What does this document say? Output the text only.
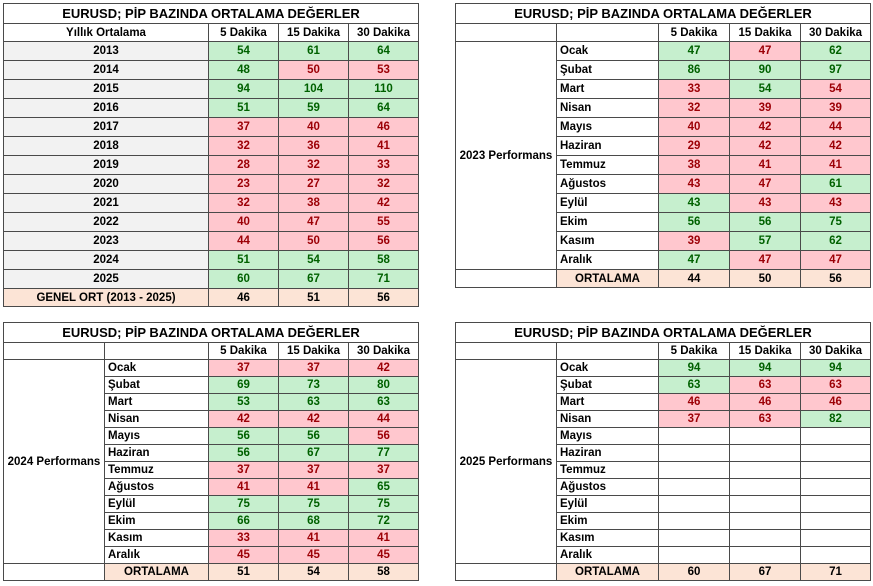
EURUSD; PİP BAZINDA ORTALAMA DEĞERLER			
Yıllık Ortalama	5 Dakika	15 Dakika	30 Dakika
2013	54	61	64
2014	48	50	53
2015	94	104	110
2016	51	59	64
2017	37	40	46
2018	32	36	41
2019	28	32	33
2020	23	27	32
2021	32	38	42
2022	40	47	55
2023	44	50	56
2024	51	54	58
2025	60	67	71
GENEL ORT (2013 - 2025)	46	51	56
EURUSD; PİP BAZINDA ORTALAMA DEĞERLER				
		5 Dakika	15 Dakika	30 Dakika
2023 Performans	Ocak	47	47	62
	Şubat	86	90	97
	Mart	33	54	54
	Nisan	32	39	39
	Mayıs	40	42	44
	Haziran	29	42	42
	Temmuz	38	41	41
	Ağustos	43	47	61
	Eylül	43	43	43
	Ekim	56	56	75
	Kasım	39	57	62
	Aralık	47	47	47
	ORTALAMA	44	50	56
EURUSD; PİP BAZINDA ORTALAMA DEĞERLER				
		5 Dakika	15 Dakika	30 Dakika
2024 Performans	Ocak	37	37	42
	Şubat	69	73	80
	Mart	53	63	63
	Nisan	42	42	44
	Mayıs	56	56	56
	Haziran	56	67	77
	Temmuz	37	37	37
	Ağustos	41	41	65
	Eylül	75	75	75
	Ekim	66	68	72
	Kasım	33	41	41
	Aralık	45	45	45
	ORTALAMA	51	54	58
EURUSD; PİP BAZINDA ORTALAMA DEĞERLER				
		5 Dakika	15 Dakika	30 Dakika
2025 Performans	Ocak	94	94	94
	Şubat	63	63	63
	Mart	46	46	46
	Nisan	37	63	82
	Mayıs			
	Haziran			
	Temmuz			
	Ağustos			
	Eylül			
	Ekim			
	Kasım			
	Aralık			
	ORTALAMA	60	67	71
